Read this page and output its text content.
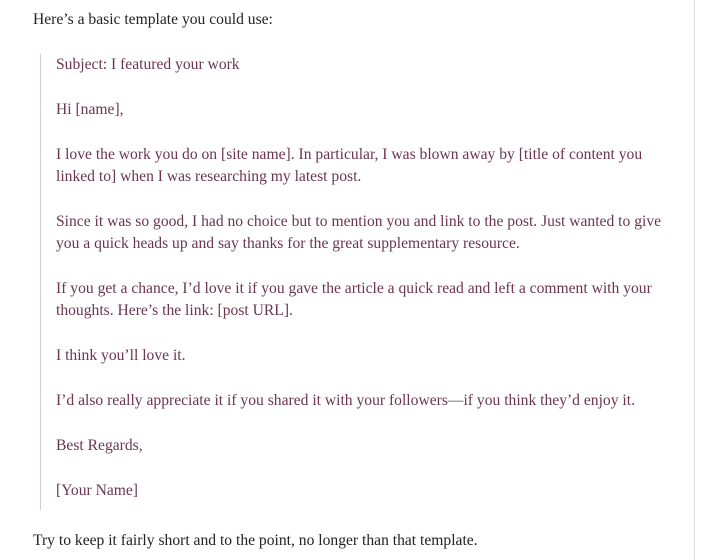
Here’s a basic template you could use:

Subject: I featured your work

Hi [name],

I love the work you do on [site name]. In particular, I was blown away by [title of content you linked to] when I was researching my latest post.

Since it was so good, I had no choice but to mention you and link to the post. Just wanted to give you a quick heads up and say thanks for the great supplementary resource.

If you get a chance, I’d love it if you gave the article a quick read and left a comment with your thoughts. Here’s the link: [post URL].

I think you’ll love it.

I’d also really appreciate it if you shared it with your followers—if you think they’d enjoy it.

Best Regards,

[Your Name]

Try to keep it fairly short and to the point, no longer than that template.
